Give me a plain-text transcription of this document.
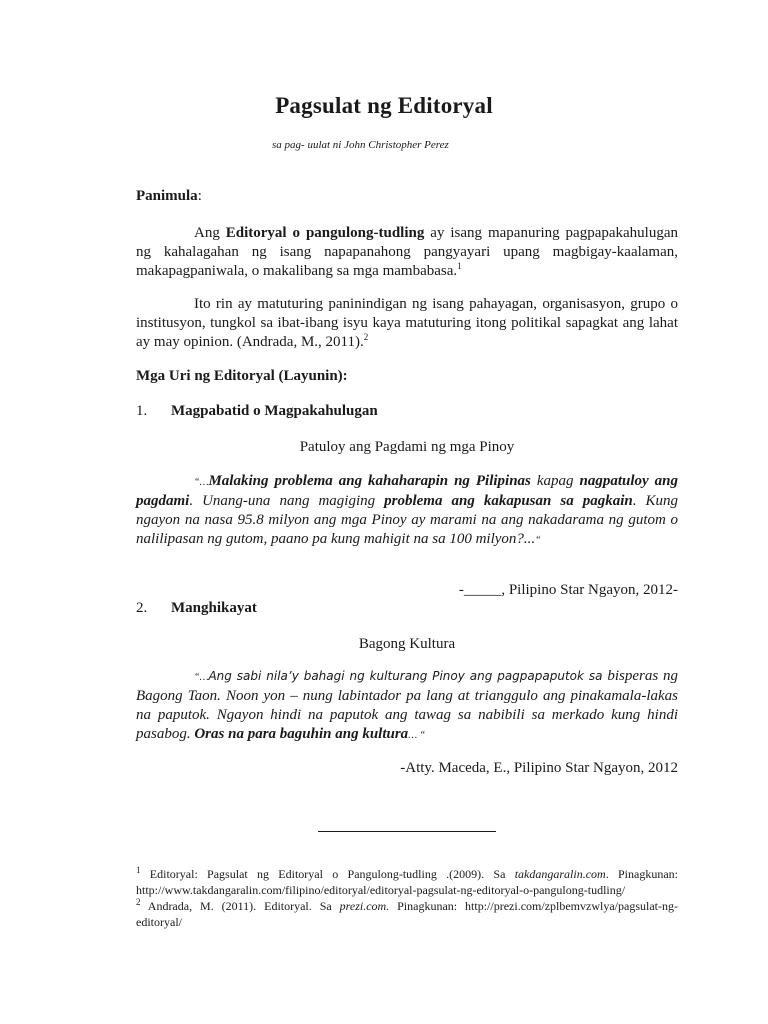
Pagsulat ng Editoryal
sa pag- uulat ni John Christopher Perez
Panimula:
Ang Editoryal o pangulong-tudling ay isang mapanuring pagpapakahulugan ng kahalagahan ng isang napapanahong pangyayari upang magbigay-kaalaman, makapagpaniwala, o makalibang sa mga mambabasa.$^1$
Ito rin ay matuturing paninindigan ng isang pahayagan, organisasyon, grupo o institusyon, tungkol sa ibat-ibang isyu kaya matuturing itong politikal sapagkat ang lahat ay may opinion. (Andrada, M., 2011).$^2$
Mga Uri ng Editoryal (Layunin):
1. Magpabatid o Magpakahulugan
Patuloy ang Pagdami ng mga Pinoy
“…Malaking problema ang kahaharapin ng Pilipinas kapag nagpatuloy ang pagdami. Unang-una nang magiging problema ang kakapusan sa pagkain. Kung ngayon na nasa 95.8 milyon ang mga Pinoy ay marami na ang nakadarama ng gutom o nalilipasan ng gutom, paano pa kung mahigit na sa 100 milyon?...“
-_____, Pilipino Star Ngayon, 2012-
2. Manghikayat
Bagong Kultura
“…Ang sabi nila’y bahagi ng kulturang Pinoy ang pagpapaputok sa bisperas ng Bagong Taon. Noon yon – nung labintador pa lang at trianggulo ang pinakamala-lakas na paputok. Ngayon hindi na paputok ang tawag sa nabibili sa merkado kung hindi pasabog. Oras na para baguhin ang kultura… “
-Atty. Maceda, E., Pilipino Star Ngayon, 2012
$^1$ Editoryal: Pagsulat ng Editoryal o Pangulong-tudling .(2009). Sa takdangaralin.com. Pinagkunan: http://www.takdangaralin.com/filipino/editoryal/editoryal-pagsulat-ng-editoryal-o-pangulong-tudling/
$^2$ Andrada, M. (2011). Editoryal. Sa prezi.com. Pinagkunan: http://prezi.com/zplbemvzwlya/pagsulat-ng-editoryal/
